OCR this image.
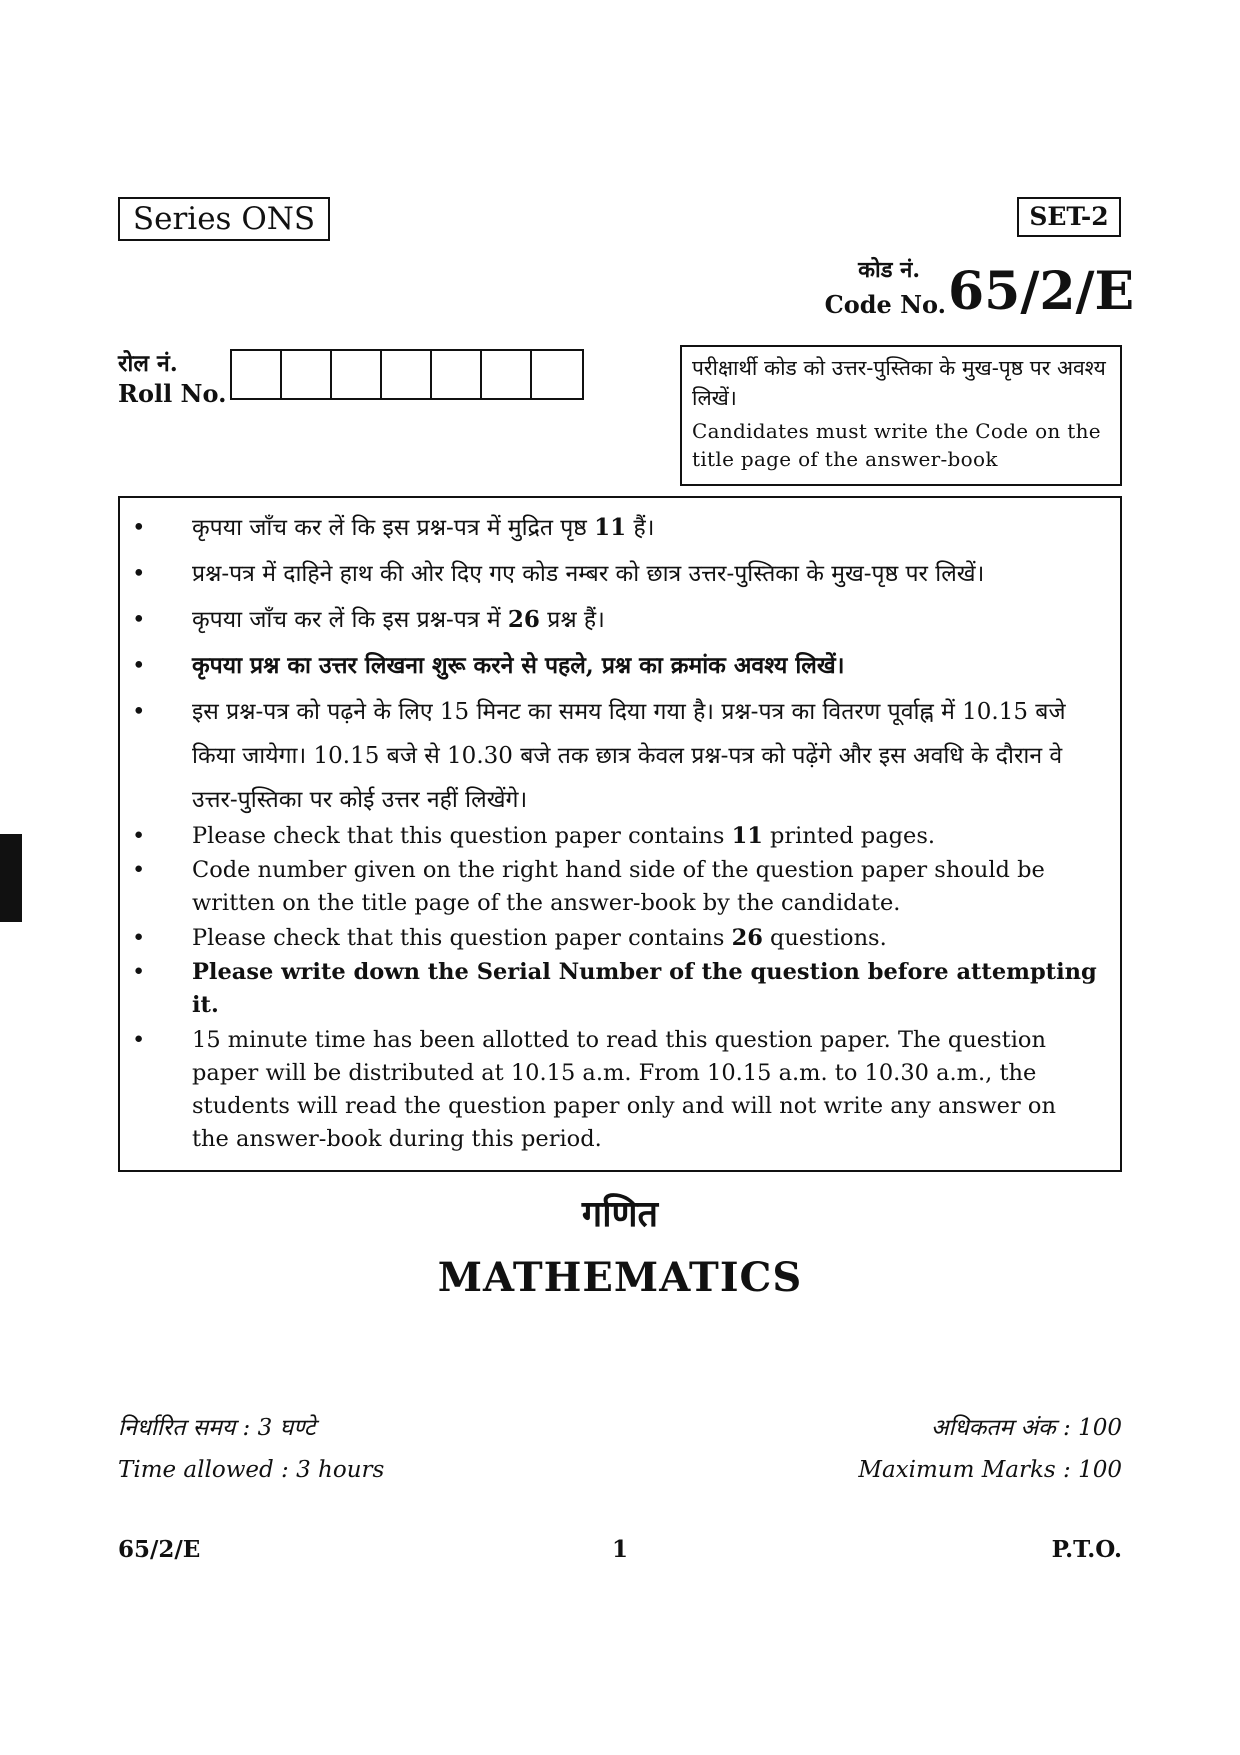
Series ONS	SET-2
कोड नं.
Code No. 65/2/E
रोल नं.
Roll No.
परीक्षार्थी कोड को उत्तर-पुस्तिका के मुख-पृष्ठ पर अवश्य लिखें।
Candidates must write the Code on the title page of the answer-book
• कृपया जाँच कर लें कि इस प्रश्न-पत्र में मुद्रित पृष्ठ 11 हैं।
• प्रश्न-पत्र में दाहिने हाथ की ओर दिए गए कोड नम्बर को छात्र उत्तर-पुस्तिका के मुख-पृष्ठ पर लिखें।
• कृपया जाँच कर लें कि इस प्रश्न-पत्र में 26 प्रश्न हैं।
• कृपया प्रश्न का उत्तर लिखना शुरू करने से पहले, प्रश्न का क्रमांक अवश्य लिखें।
• इस प्रश्न-पत्र को पढ़ने के लिए 15 मिनट का समय दिया गया है। प्रश्न-पत्र का वितरण पूर्वाह्न में 10.15 बजे किया जायेगा। 10.15 बजे से 10.30 बजे तक छात्र केवल प्रश्न-पत्र को पढ़ेंगे और इस अवधि के दौरान वे उत्तर-पुस्तिका पर कोई उत्तर नहीं लिखेंगे।
• Please check that this question paper contains 11 printed pages.
• Code number given on the right hand side of the question paper should be written on the title page of the answer-book by the candidate.
• Please check that this question paper contains 26 questions.
• Please write down the Serial Number of the question before attempting it.
• 15 minute time has been allotted to read this question paper. The question paper will be distributed at 10.15 a.m. From 10.15 a.m. to 10.30 a.m., the students will read the question paper only and will not write any answer on the answer-book during this period.
गणित
MATHEMATICS
निर्धारित समय : 3 घण्टे
Time allowed : 3 hours
अधिकतम अंक : 100
Maximum Marks : 100
65/2/E	1	P.T.O.
